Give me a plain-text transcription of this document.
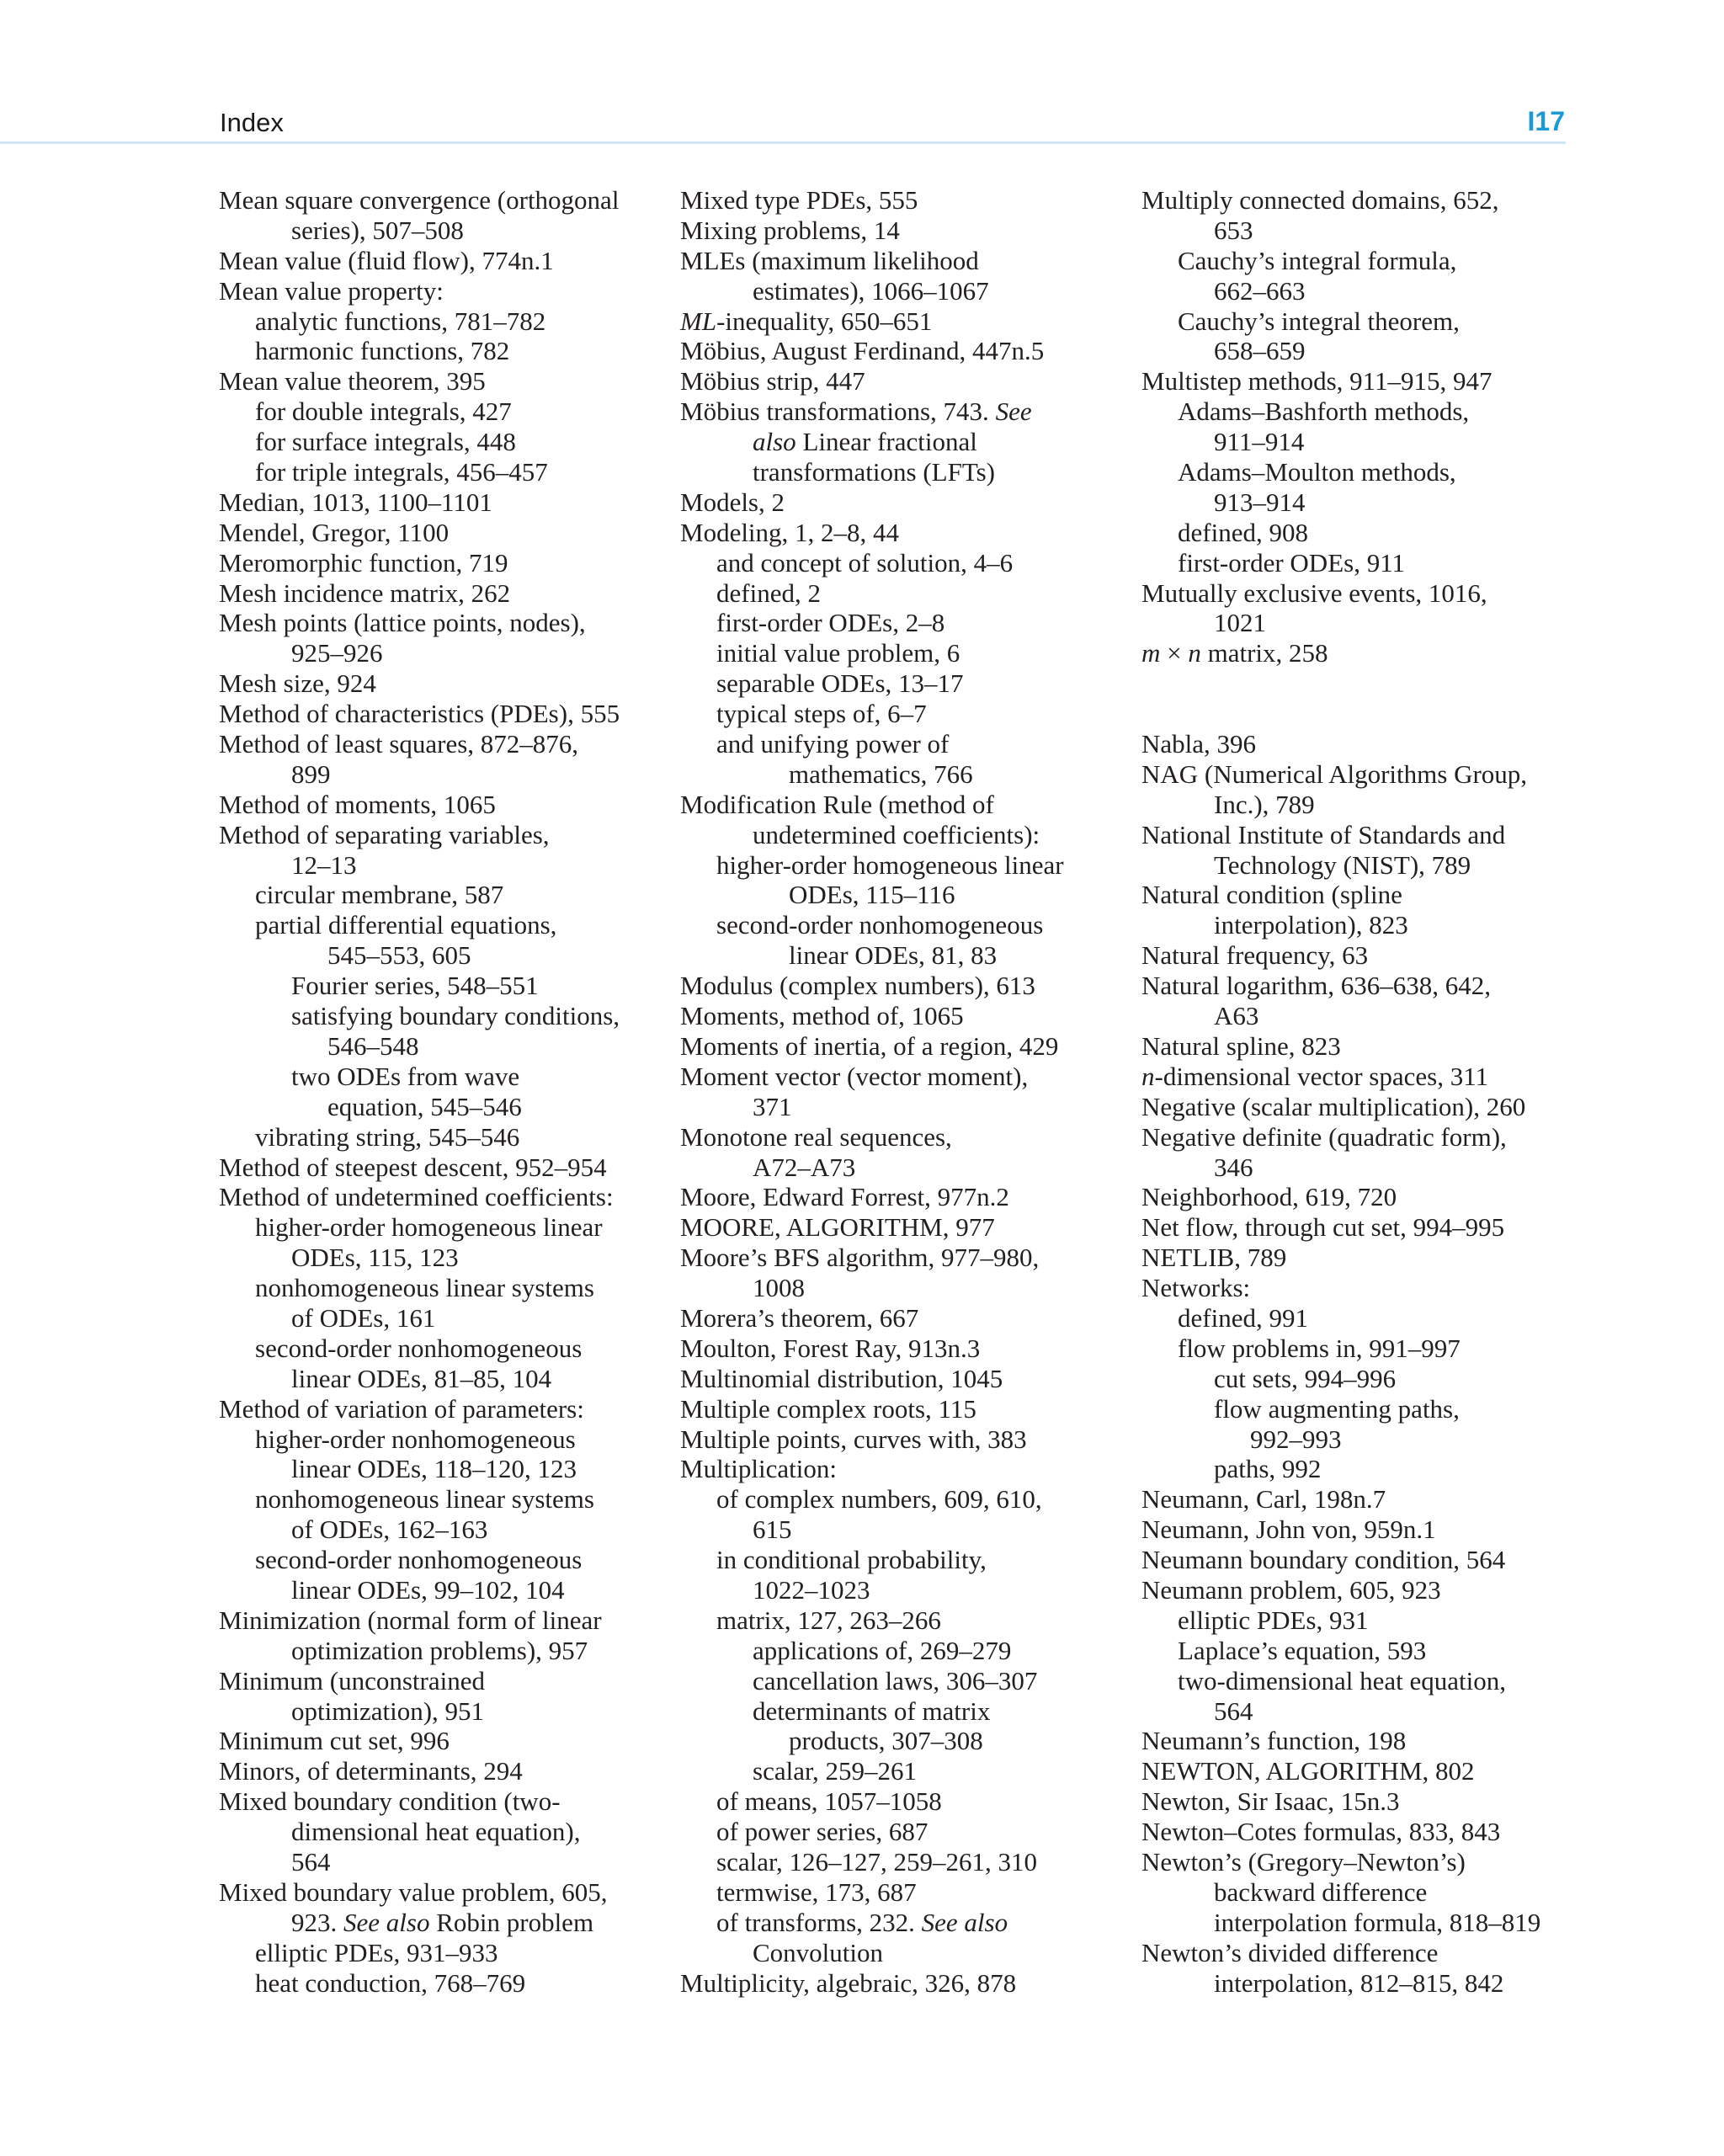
Index	I17
Mean square convergence (orthogonal
series), 507–508
Mean value (fluid flow), 774n.1
Mean value property:
analytic functions, 781–782
harmonic functions, 782
Mean value theorem, 395
for double integrals, 427
for surface integrals, 448
for triple integrals, 456–457
Median, 1013, 1100–1101
Mendel, Gregor, 1100
Meromorphic function, 719
Mesh incidence matrix, 262
Mesh points (lattice points, nodes),
925–926
Mesh size, 924
Method of characteristics (PDEs), 555
Method of least squares, 872–876,
899
Method of moments, 1065
Method of separating variables,
12–13
circular membrane, 587
partial differential equations,
545–553, 605
Fourier series, 548–551
satisfying boundary conditions,
546–548
two ODEs from wave
equation, 545–546
vibrating string, 545–546
Method of steepest descent, 952–954
Method of undetermined coefficients:
higher-order homogeneous linear
ODEs, 115, 123
nonhomogeneous linear systems
of ODEs, 161
second-order nonhomogeneous
linear ODEs, 81–85, 104
Method of variation of parameters:
higher-order nonhomogeneous
linear ODEs, 118–120, 123
nonhomogeneous linear systems
of ODEs, 162–163
second-order nonhomogeneous
linear ODEs, 99–102, 104
Minimization (normal form of linear
optimization problems), 957
Minimum (unconstrained
optimization), 951
Minimum cut set, 996
Minors, of determinants, 294
Mixed boundary condition (two-
dimensional heat equation),
564
Mixed boundary value problem, 605,
923. See also Robin problem
elliptic PDEs, 931–933
heat conduction, 768–769
Mixed type PDEs, 555
Mixing problems, 14
MLEs (maximum likelihood
estimates), 1066–1067
ML-inequality, 650–651
Möbius, August Ferdinand, 447n.5
Möbius strip, 447
Möbius transformations, 743. See
also Linear fractional
transformations (LFTs)
Models, 2
Modeling, 1, 2–8, 44
and concept of solution, 4–6
defined, 2
first-order ODEs, 2–8
initial value problem, 6
separable ODEs, 13–17
typical steps of, 6–7
and unifying power of
mathematics, 766
Modification Rule (method of
undetermined coefficients):
higher-order homogeneous linear
ODEs, 115–116
second-order nonhomogeneous
linear ODEs, 81, 83
Modulus (complex numbers), 613
Moments, method of, 1065
Moments of inertia, of a region, 429
Moment vector (vector moment),
371
Monotone real sequences,
A72–A73
Moore, Edward Forrest, 977n.2
MOORE, ALGORITHM, 977
Moore’s BFS algorithm, 977–980,
1008
Morera’s theorem, 667
Moulton, Forest Ray, 913n.3
Multinomial distribution, 1045
Multiple complex roots, 115
Multiple points, curves with, 383
Multiplication:
of complex numbers, 609, 610,
615
in conditional probability,
1022–1023
matrix, 127, 263–266
applications of, 269–279
cancellation laws, 306–307
determinants of matrix
products, 307–308
scalar, 259–261
of means, 1057–1058
of power series, 687
scalar, 126–127, 259–261, 310
termwise, 173, 687
of transforms, 232. See also
Convolution
Multiplicity, algebraic, 326, 878
Multiply connected domains, 652,
653
Cauchy’s integral formula,
662–663
Cauchy’s integral theorem,
658–659
Multistep methods, 911–915, 947
Adams–Bashforth methods,
911–914
Adams–Moulton methods,
913–914
defined, 908
first-order ODEs, 911
Mutually exclusive events, 1016,
1021
m × n matrix, 258
Nabla, 396
NAG (Numerical Algorithms Group,
Inc.), 789
National Institute of Standards and
Technology (NIST), 789
Natural condition (spline
interpolation), 823
Natural frequency, 63
Natural logarithm, 636–638, 642,
A63
Natural spline, 823
n-dimensional vector spaces, 311
Negative (scalar multiplication), 260
Negative definite (quadratic form),
346
Neighborhood, 619, 720
Net flow, through cut set, 994–995
NETLIB, 789
Networks:
defined, 991
flow problems in, 991–997
cut sets, 994–996
flow augmenting paths,
992–993
paths, 992
Neumann, Carl, 198n.7
Neumann, John von, 959n.1
Neumann boundary condition, 564
Neumann problem, 605, 923
elliptic PDEs, 931
Laplace’s equation, 593
two-dimensional heat equation,
564
Neumann’s function, 198
NEWTON, ALGORITHM, 802
Newton, Sir Isaac, 15n.3
Newton–Cotes formulas, 833, 843
Newton’s (Gregory–Newton’s)
backward difference
interpolation formula, 818–819
Newton’s divided difference
interpolation, 812–815, 842
